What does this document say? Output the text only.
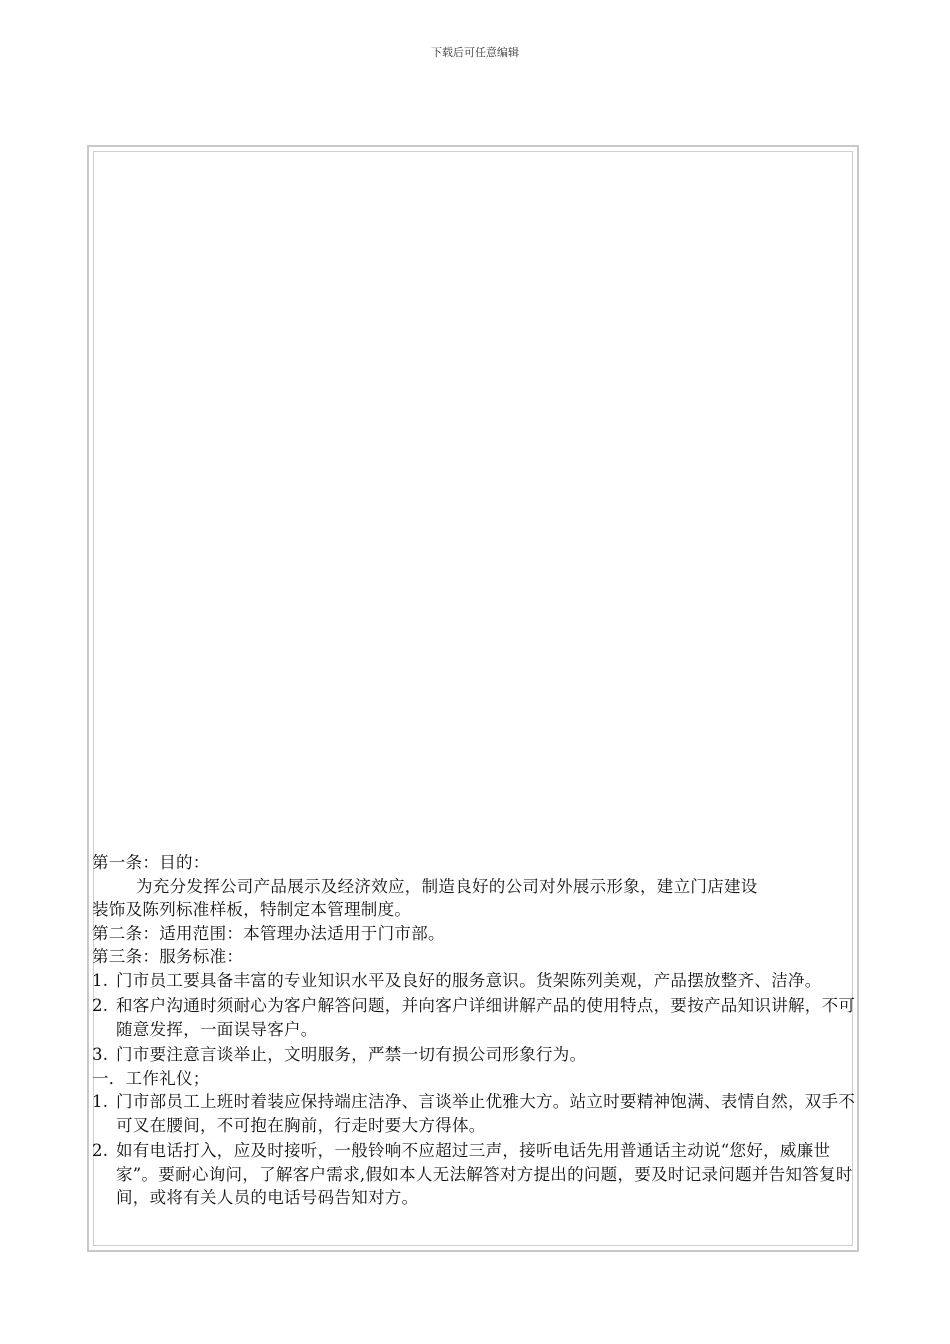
下载后可任意编辑

第一条：目的：

为充分发挥公司产品展示及经济效应，制造良好的公司对外展示形象，建立门店建设

装饰及陈列标准样板，特制定本管理制度。

第二条：适用范围：本管理办法适用于门市部。

第三条：服务标准：

1. 门市员工要具备丰富的专业知识水平及良好的服务意识。货架陈列美观，产品摆放整齐、洁净。
2. 和客户沟通时须耐心为客户解答问题，并向客户详细讲解产品的使用特点，要按产品知识讲解，不可随意发挥，一面误导客户。
3. 门市要注意言谈举止，文明服务，严禁一切有损公司形象行为。

一．工作礼仪；

1. 门市部员工上班时着装应保持端庄洁净、言谈举止优雅大方。站立时要精神饱满、表情自然，双手不可叉在腰间，不可抱在胸前，行走时要大方得体。
2. 如有电话打入，应及时接听，一般铃响不应超过三声，接听电话先用普通话主动说“您好，威廉世家”。要耐心询问，了解客户需求,假如本人无法解答对方提出的问题，要及时记录问题并告知答复时间，或将有关人员的电话号码告知对方。
